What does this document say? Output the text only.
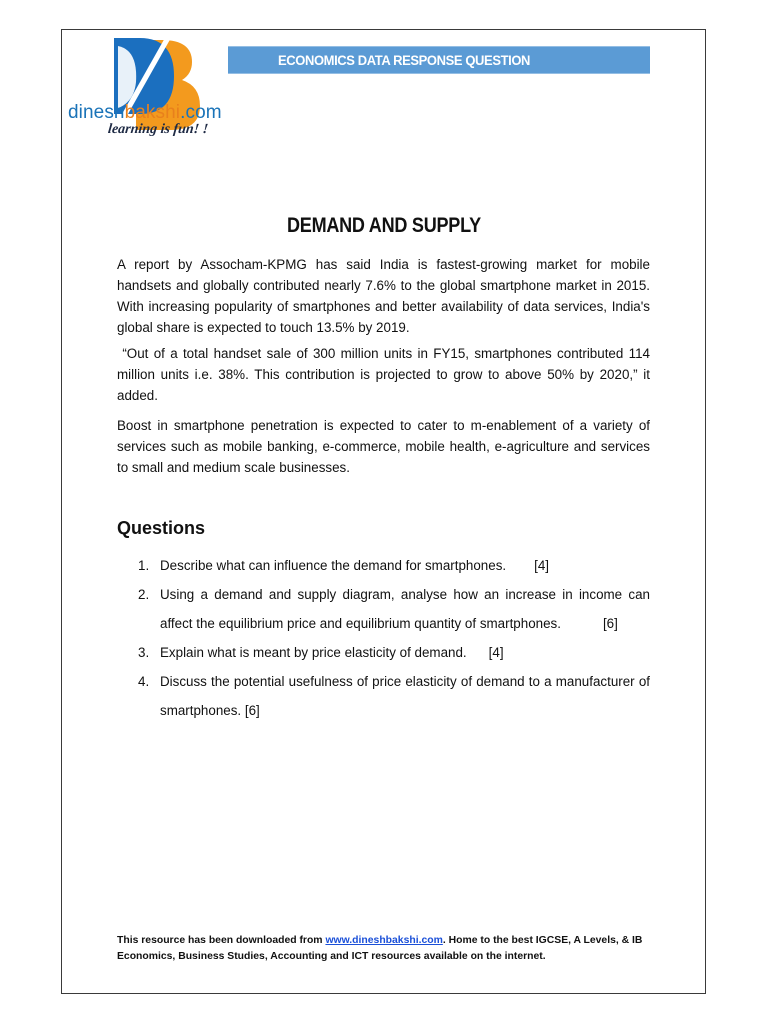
dineshbakshi.com
learning is fun! !
ECONOMICS DATA RESPONSE QUESTION
DEMAND AND SUPPLY
A report by Assocham-KPMG has said India is fastest-growing market for mobile handsets and globally contributed nearly 7.6% to the global smartphone market in 2015. With increasing popularity of smartphones and better availability of data services, India's global share is expected to touch 13.5% by 2019.
“Out of a total handset sale of 300 million units in FY15, smartphones contributed 114 million units i.e. 38%. This contribution is projected to grow to above 50% by 2020,” it added.
Boost in smartphone penetration is expected to cater to m-enablement of a variety of services such as mobile banking, e-commerce, mobile health, e-agriculture and services to small and medium scale businesses.
Questions
1. Describe what can influence the demand for smartphones. [4]
2. Using a demand and supply diagram, analyse how an increase in income can affect the equilibrium price and equilibrium quantity of smartphones.	[6]
3. Explain what is meant by price elasticity of demand. [4]
4. Discuss the potential usefulness of price elasticity of demand to a manufacturer of smartphones. [6]
This resource has been downloaded from www.dineshbakshi.com. Home to the best IGCSE, A Levels, & IB Economics, Business Studies, Accounting and ICT resources available on the internet.
